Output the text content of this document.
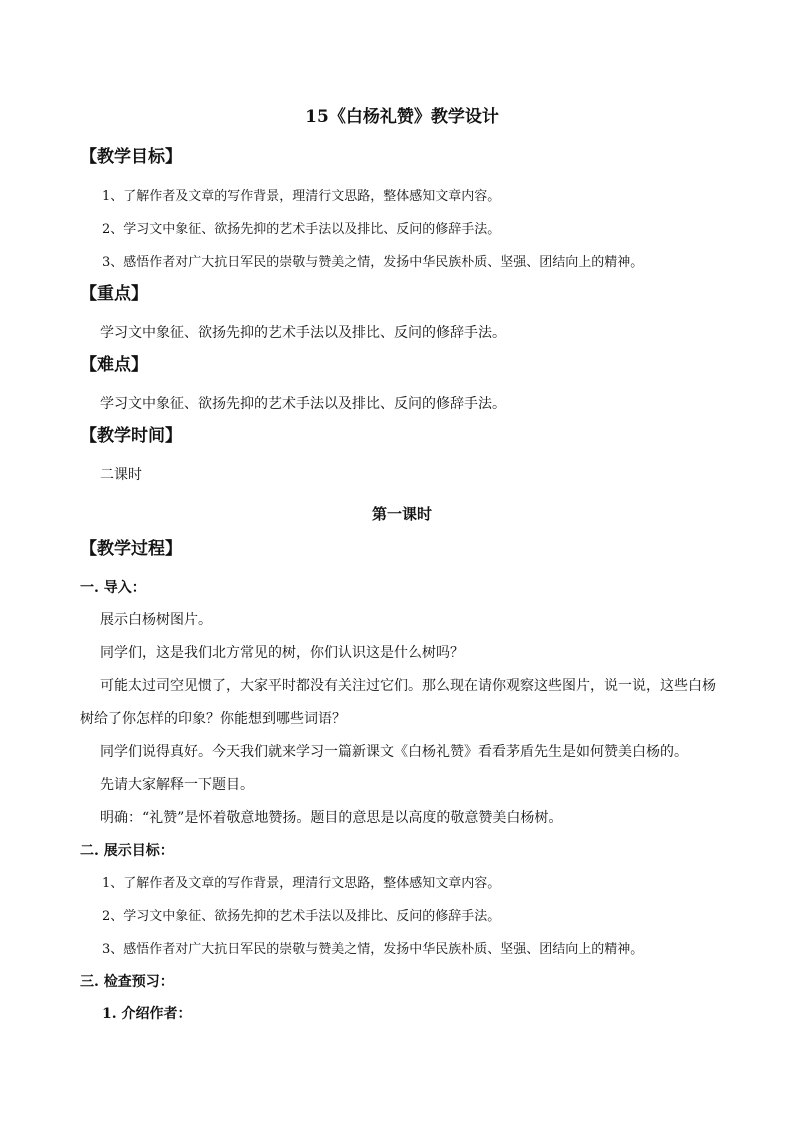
15《白杨礼赞》教学设计
【教学目标】
1、了解作者及文章的写作背景，理清行文思路，整体感知文章内容。
2、学习文中象征、欲扬先抑的艺术手法以及排比、反问的修辞手法。
3、感悟作者对广大抗日军民的崇敬与赞美之情，发扬中华民族朴质、坚强、团结向上的精神。
【重点】
学习文中象征、欲扬先抑的艺术手法以及排比、反问的修辞手法。
【难点】
学习文中象征、欲扬先抑的艺术手法以及排比、反问的修辞手法。
【教学时间】
二课时
第一课时
【教学过程】
一. 导入：
展示白杨树图片。
同学们，这是我们北方常见的树，你们认识这是什么树吗？
可能太过司空见惯了，大家平时都没有关注过它们。那么现在请你观察这些图片，说一说，这些白杨
树给了你怎样的印象？你能想到哪些词语？
同学们说得真好。今天我们就来学习一篇新课文《白杨礼赞》看看茅盾先生是如何赞美白杨的。
先请大家解释一下题目。
明确：“礼赞”是怀着敬意地赞扬。题目的意思是以高度的敬意赞美白杨树。
二. 展示目标：
1、了解作者及文章的写作背景，理清行文思路，整体感知文章内容。
2、学习文中象征、欲扬先抑的艺术手法以及排比、反问的修辞手法。
3、感悟作者对广大抗日军民的崇敬与赞美之情，发扬中华民族朴质、坚强、团结向上的精神。
三. 检查预习：
1. 介绍作者：
